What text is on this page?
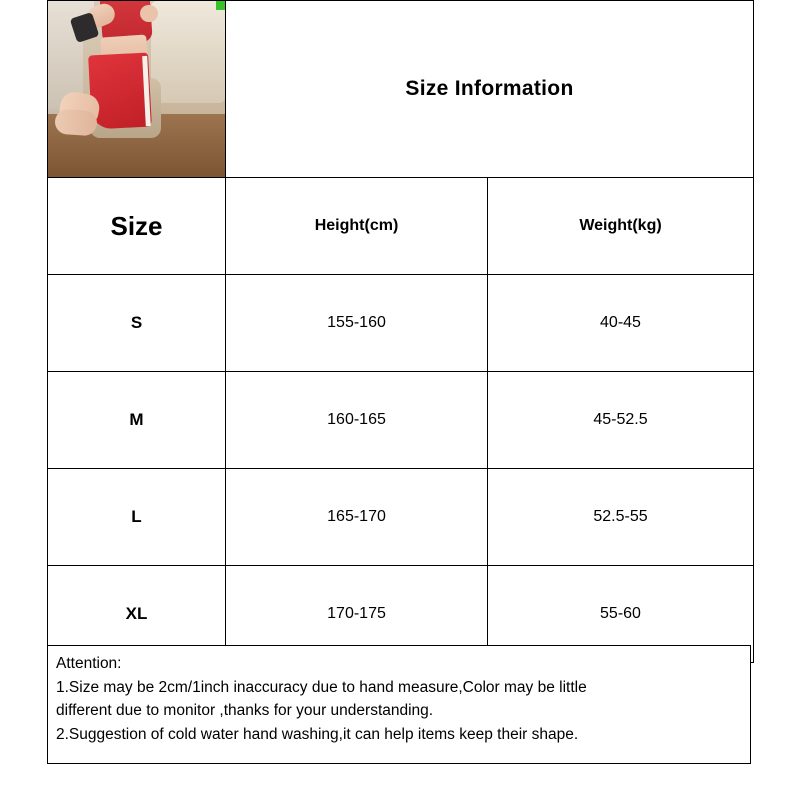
	Size Information	

Size	Height(cm)	Weight(kg)
S	155-160	40-45
M	160-165	45-52.5
L	165-170	52.5-55
XL	170-175	55-60

Attention:

1.Size may be 2cm/1inch inaccuracy due to hand measure,Color may be little

different due to monitor ,thanks for your understanding.

2.Suggestion of cold water hand washing,it can help items keep their shape.
